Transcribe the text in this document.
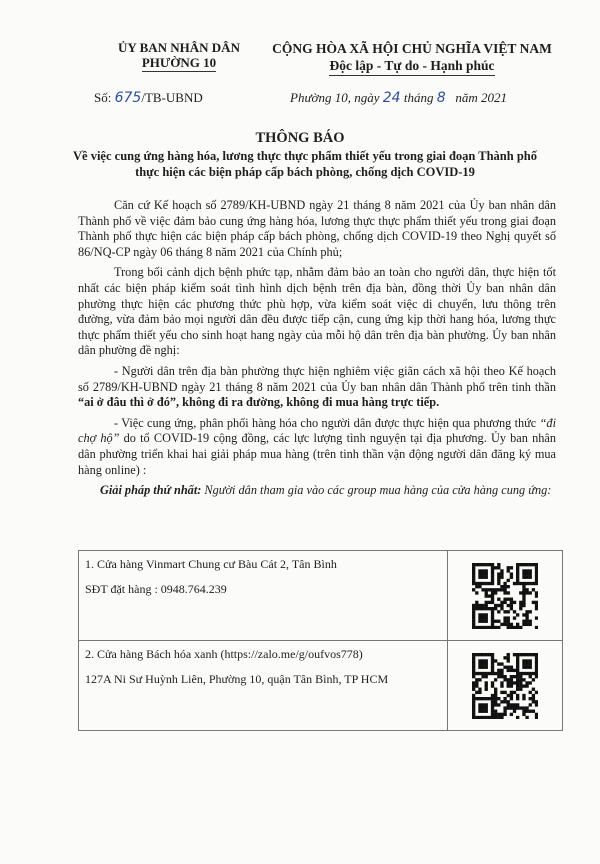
ỦY BAN NHÂN DÂN
PHƯỜNG 10
CỘNG HÒA XÃ HỘI CHỦ NGHĨA VIỆT NAM
Độc lập - Tự do - Hạnh phúc
Số: 675/TB-UBND	Phường 10, ngày 24 tháng 8 năm 2021
THÔNG BÁO
Về việc cung ứng hàng hóa, lương thực thực phẩm thiết yếu trong giai đoạn Thành phố thực hiện các biện pháp cấp bách phòng, chống dịch COVID-19

Căn cứ Kế hoạch số 2789/KH-UBND ngày 21 tháng 8 năm 2021 của Ủy ban nhân dân Thành phố về việc đảm bảo cung ứng hàng hóa, lương thực thực phẩm thiết yếu trong giai đoạn Thành phố thực hiện các biện pháp cấp bách phòng, chống dịch COVID-19 theo Nghị quyết số 86/NQ-CP ngày 06 tháng 8 năm 2021 của Chính phủ;

Trong bối cảnh dịch bệnh phức tạp, nhằm đảm bảo an toàn cho người dân, thực hiện tốt nhất các biện pháp kiểm soát tình hình dịch bệnh trên địa bàn, đồng thời Ủy ban nhân dân phường thực hiện các phương thức phù hợp, vừa kiểm soát việc di chuyển, lưu thông trên đường, vừa đảm bảo mọi người dân đều được tiếp cận, cung ứng kịp thời hang hóa, lương thực thực phẩm thiết yếu cho sinh hoạt hang ngày của mỗi hộ dân trên địa bàn phường. Ủy ban nhân dân phường đề nghị:

- Người dân trên địa bàn phường thực hiện nghiêm việc giãn cách xã hội theo Kế hoạch số 2789/KH-UBND ngày 21 tháng 8 năm 2021 của Ủy ban nhân dân Thành phố trên tinh thần “ai ở đâu thì ở đó”, không đi ra đường, không đi mua hàng trực tiếp.

- Việc cung ứng, phân phối hàng hóa cho người dân được thực hiện qua phương thức “đi chợ hộ” do tổ COVID-19 cộng đồng, các lực lượng tình nguyện tại địa phương. Ủy ban nhân dân phường triển khai hai giải pháp mua hàng (trên tinh thần vận động người dân đăng ký mua hàng online) :

Giải pháp thứ nhất: Người dân tham gia vào các group mua hàng của cửa hàng cung ứng:

1. Cửa hàng Vinmart Chung cư Bàu Cát 2, Tân Bình
SĐT đặt hàng : 0948.764.239

2. Cửa hàng Bách hóa xanh (https://zalo.me/g/oufvos778)
127A Ni Sư Huỳnh Liên, Phường 10, quận Tân Bình, TP HCM
